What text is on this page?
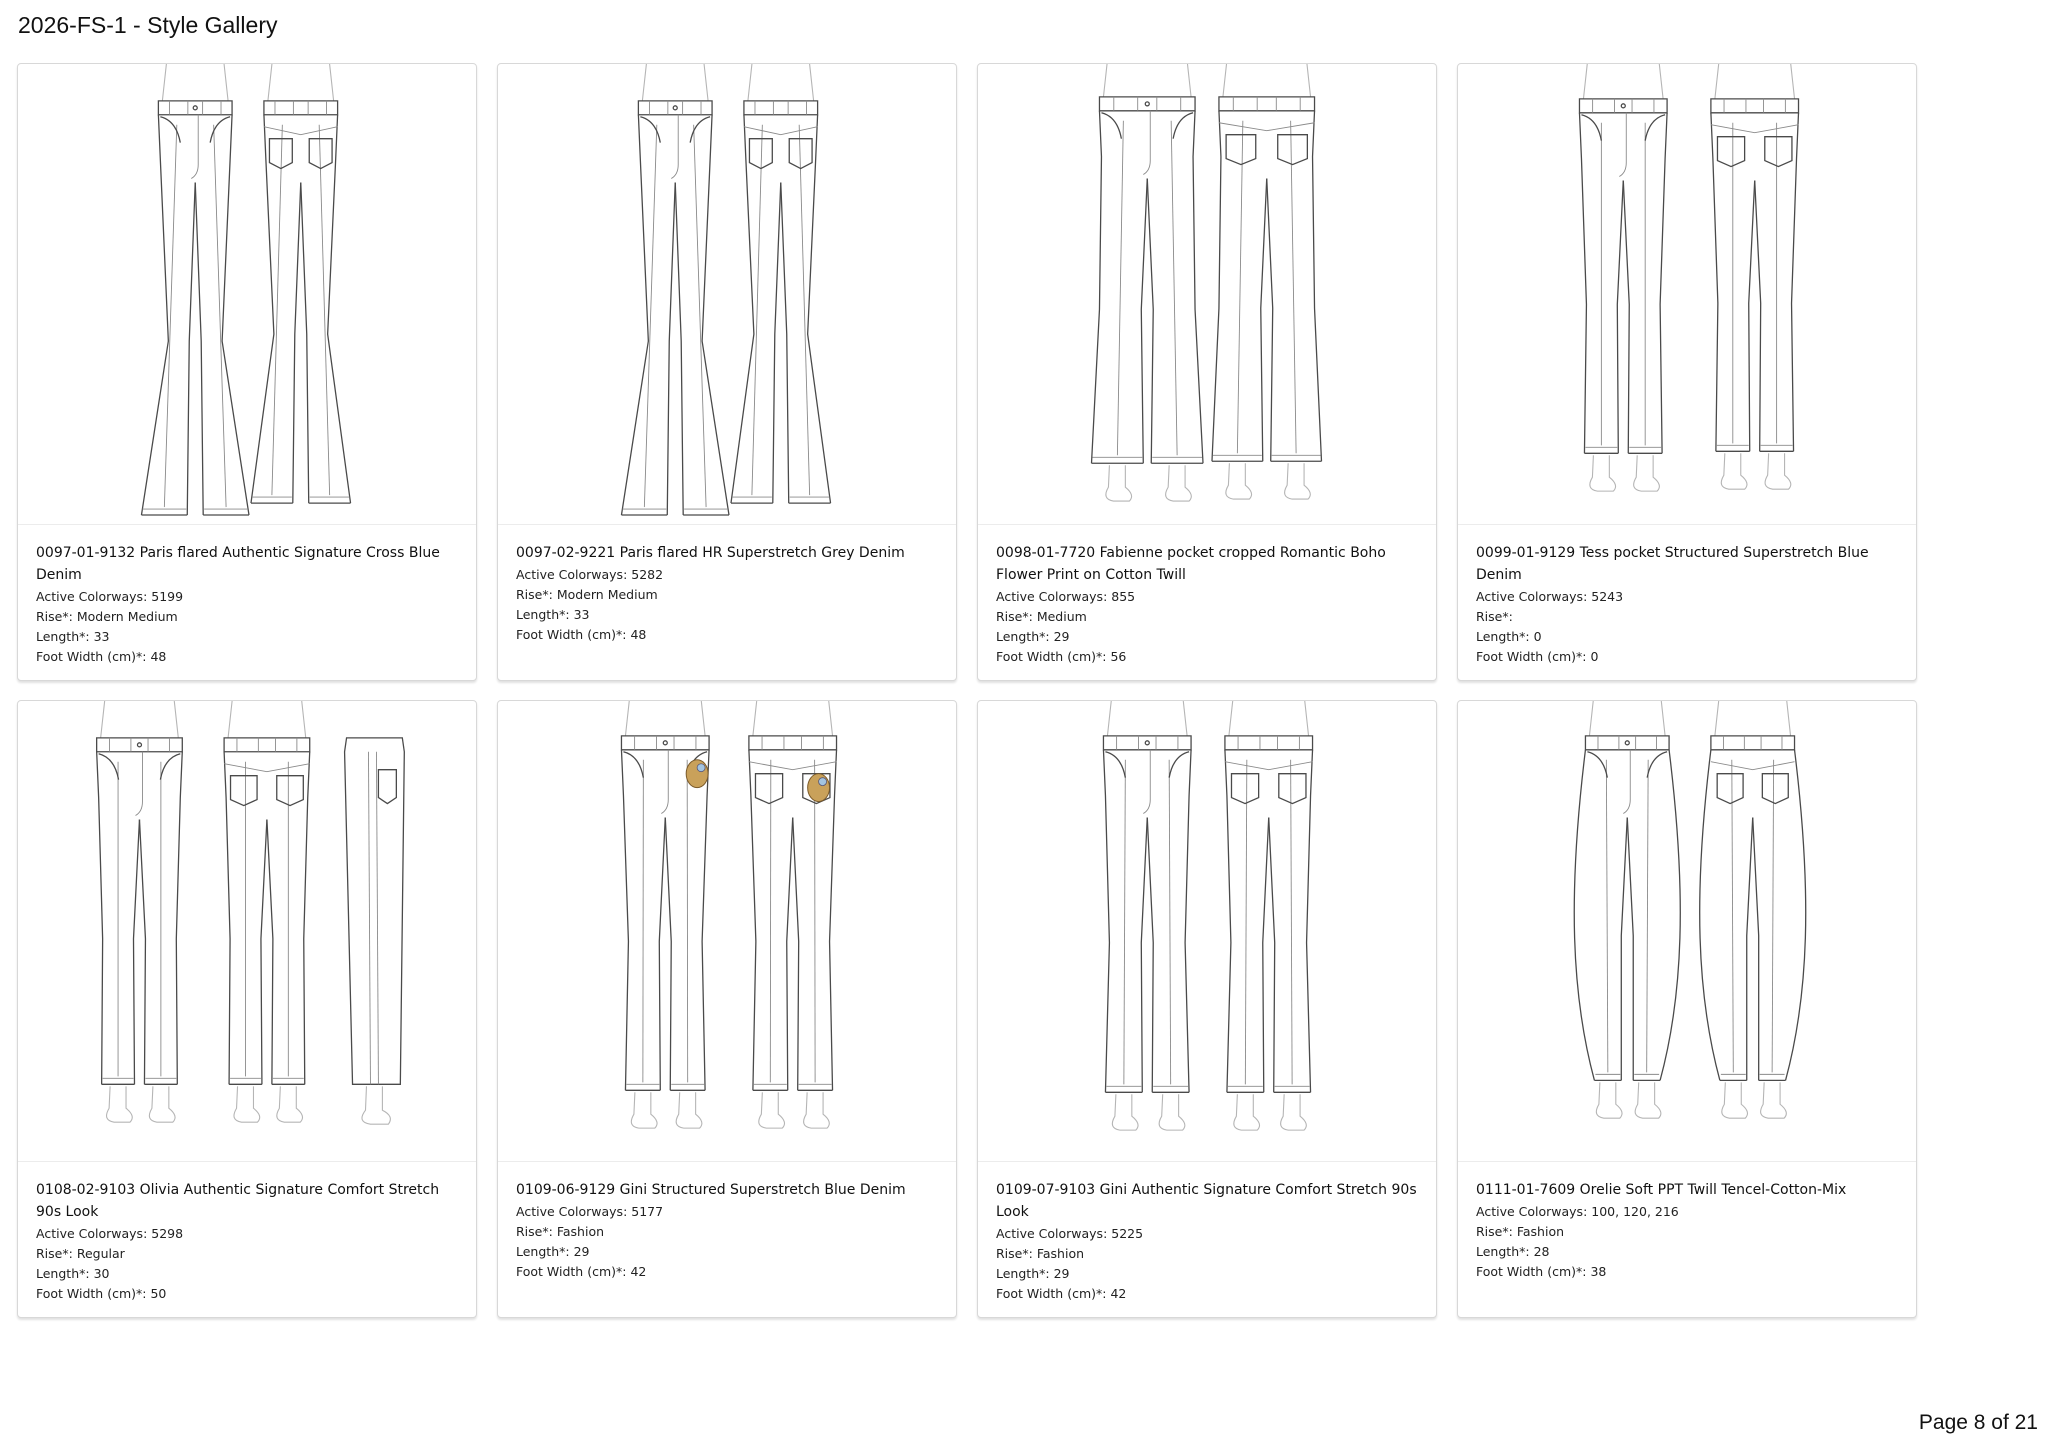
2026-FS-1 - Style Gallery
0097-01-9132 Paris flared Authentic Signature Cross Blue Denim
Active Colorways: 5199
Rise*: Modern Medium
Length*: 33
Foot Width (cm)*: 48
0097-02-9221 Paris flared HR Superstretch Grey Denim
Active Colorways: 5282
Rise*: Modern Medium
Length*: 33
Foot Width (cm)*: 48
0098-01-7720 Fabienne pocket cropped Romantic Boho Flower Print on Cotton Twill
Active Colorways: 855
Rise*: Medium
Length*: 29
Foot Width (cm)*: 56
0099-01-9129 Tess pocket Structured Superstretch Blue Denim
Active Colorways: 5243
Rise*:
Length*: 0
Foot Width (cm)*: 0
0108-02-9103 Olivia Authentic Signature Comfort Stretch 90s Look
Active Colorways: 5298
Rise*: Regular
Length*: 30
Foot Width (cm)*: 50
0109-06-9129 Gini Structured Superstretch Blue Denim
Active Colorways: 5177
Rise*: Fashion
Length*: 29
Foot Width (cm)*: 42
0109-07-9103 Gini Authentic Signature Comfort Stretch 90s Look
Active Colorways: 5225
Rise*: Fashion
Length*: 29
Foot Width (cm)*: 42
0111-01-7609 Orelie Soft PPT Twill Tencel-Cotton-Mix
Active Colorways: 100, 120, 216
Rise*: Fashion
Length*: 28
Foot Width (cm)*: 38
Page 8 of 21
